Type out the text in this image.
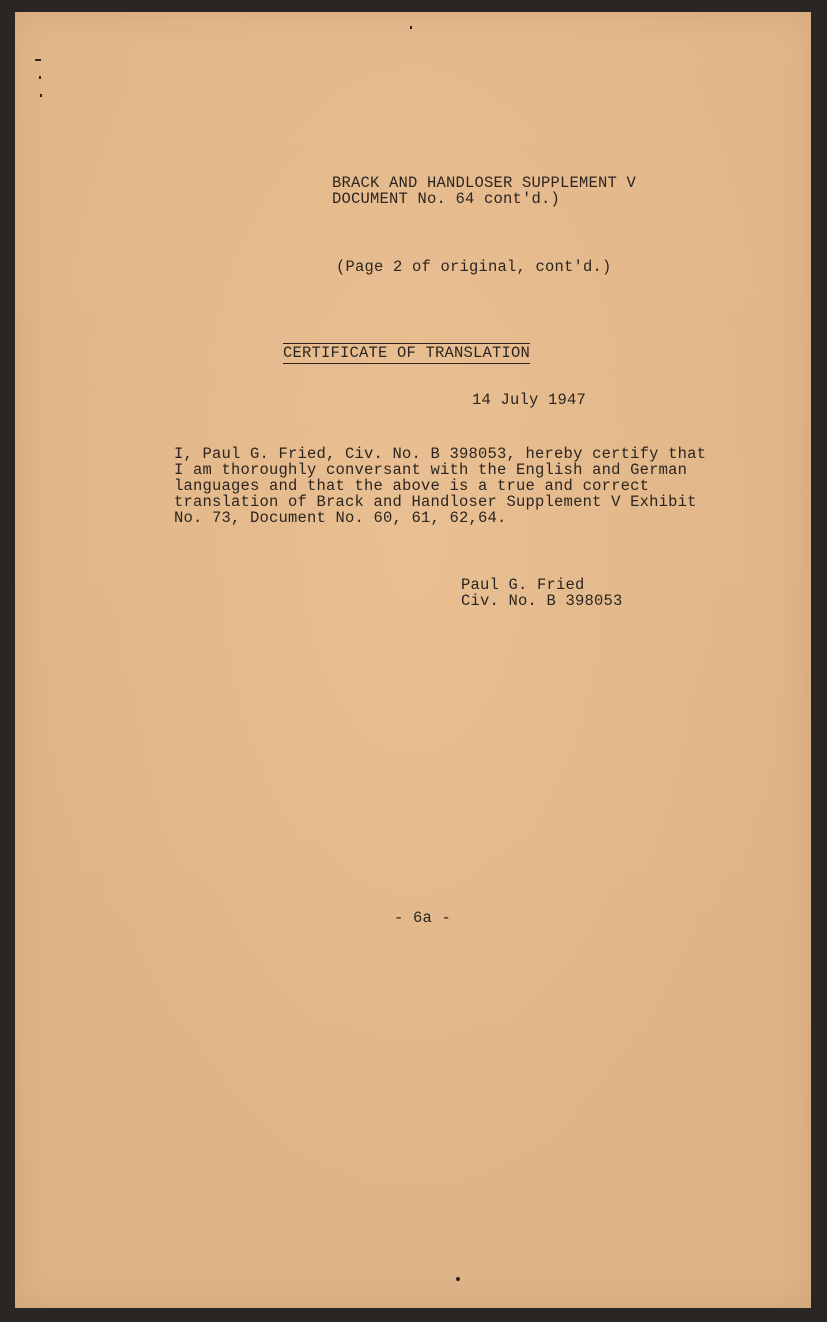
BRACK AND HANDLOSER SUPPLEMENT V
DOCUMENT No. 64 cont'd.)

(Page 2 of original, cont'd.)

CERTIFICATE OF TRANSLATION

14 July 1947

I, Paul G. Fried, Civ. No. B 398053, hereby certify that
I am thoroughly conversant with the English and German
languages and that the above is a true and correct
translation of Brack and Handloser Supplement V Exhibit
No. 73, Document No. 60, 61, 62,64.

Paul G. Fried
Civ. No. B 398053

- 6a -
